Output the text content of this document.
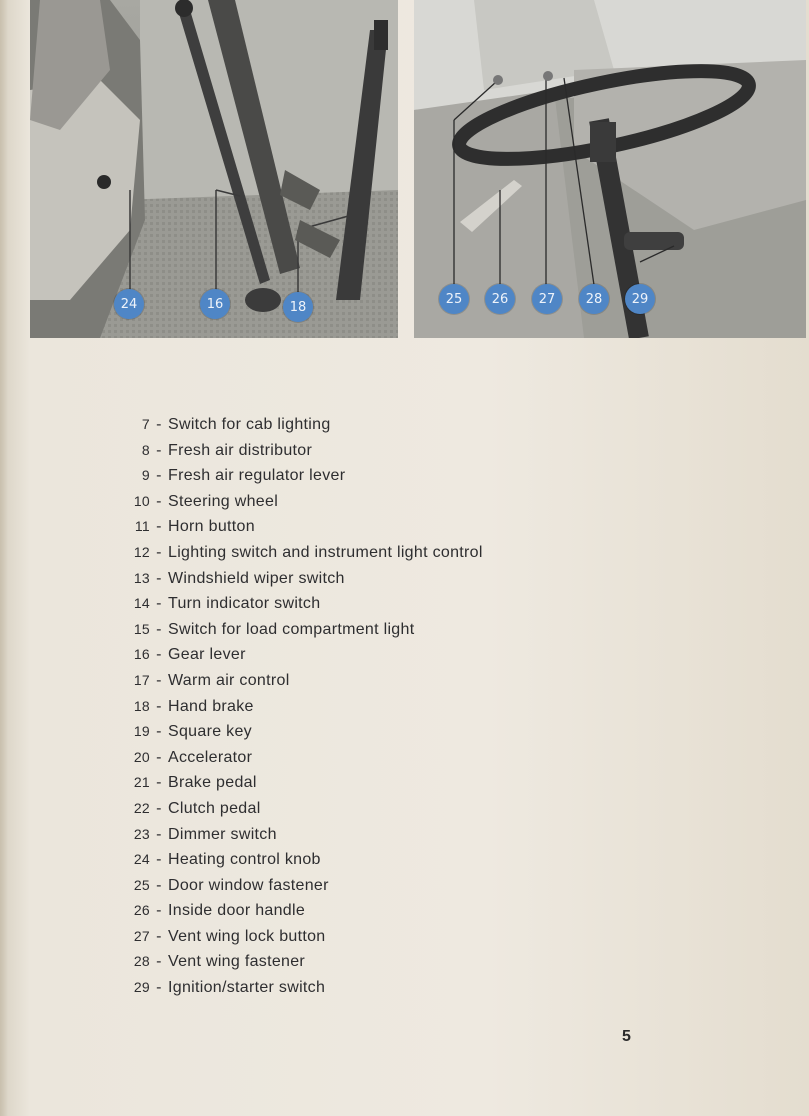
24	16	18
25	26	27	28	29
7 - Switch for cab lighting
8 - Fresh air distributor
9 - Fresh air regulator lever
10 - Steering wheel
11 - Horn button
12 - Lighting switch and instrument light control
13 - Windshield wiper switch
14 - Turn indicator switch
15 - Switch for load compartment light
16 - Gear lever
17 - Warm air control
18 - Hand brake
19 - Square key
20 - Accelerator
21 - Brake pedal
22 - Clutch pedal
23 - Dimmer switch
24 - Heating control knob
25 - Door window fastener
26 - Inside door handle
27 - Vent wing lock button
28 - Vent wing fastener
29 - Ignition/starter switch
5
